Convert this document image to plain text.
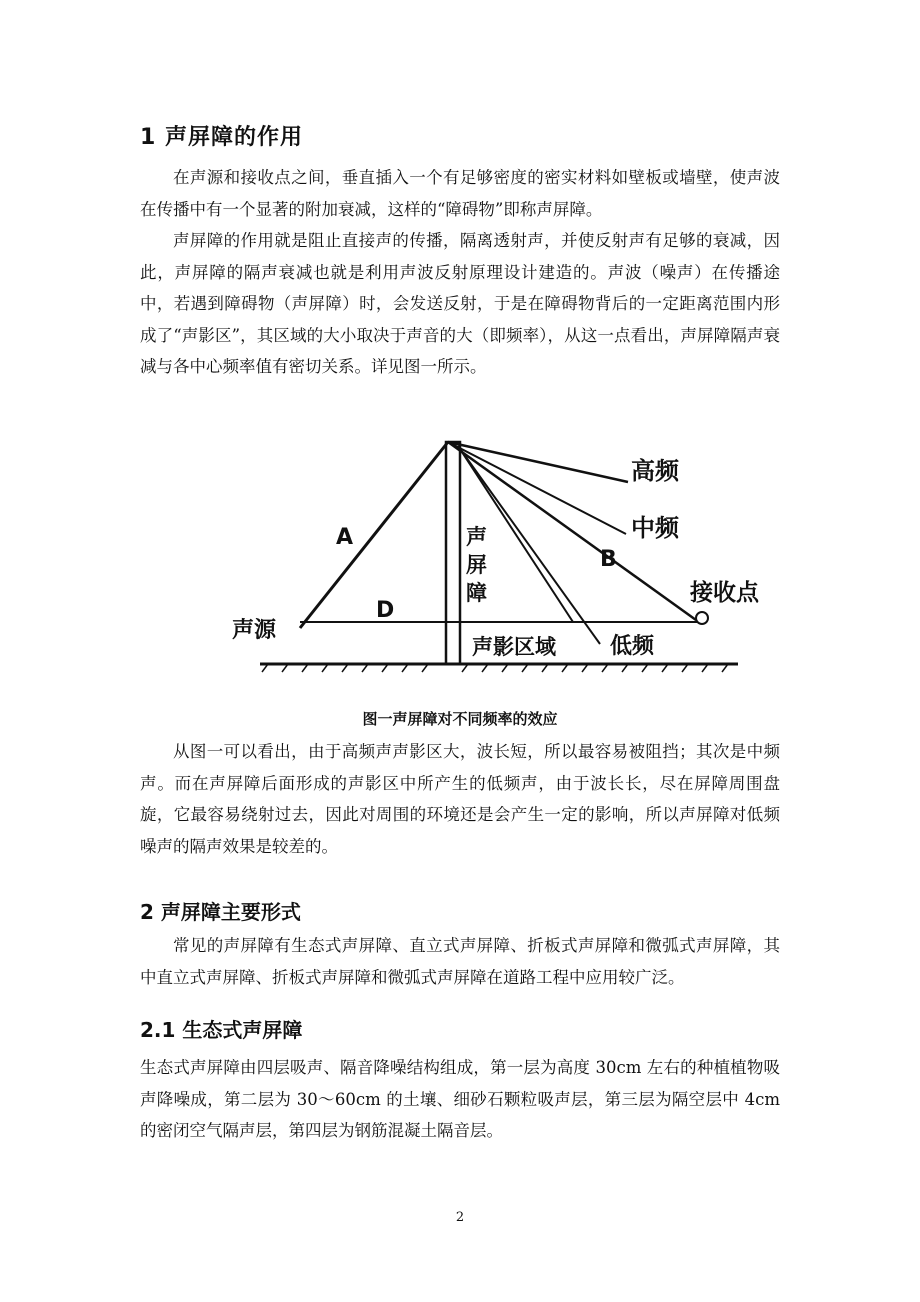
1 声屏障的作用

在声源和接收点之间，垂直插入一个有足够密度的密实材料如壁板或墙壁，使声波在传播中有一个显著的附加衰减，这样的“障碍物”即称声屏障。

声屏障的作用就是阻止直接声的传播，隔离透射声，并使反射声有足够的衰减，因此，声屏障的隔声衰减也就是利用声波反射原理设计建造的。声波（噪声）在传播途中，若遇到障碍物（声屏障）时，会发送反射，于是在障碍物背后的一定距离范围内形成了“声影区”，其区域的大小取决于声音的大（即频率），从这一点看出，声屏障隔声衰减与各中心频率值有密切关系。详见图一所示。

高频
中频
低频
接收点
声源
声
屏
障
声影区域
A
B
D
图一声屏障对不同频率的效应

从图一可以看出，由于高频声声影区大，波长短，所以最容易被阻挡；其次是中频声。而在声屏障后面形成的声影区中所产生的低频声，由于波长长，尽在屏障周围盘旋，它最容易绕射过去，因此对周围的环境还是会产生一定的影响，所以声屏障对低频噪声的隔声效果是较差的。

2 声屏障主要形式

常见的声屏障有生态式声屏障、直立式声屏障、折板式声屏障和微弧式声屏障，其中直立式声屏障、折板式声屏障和微弧式声屏障在道路工程中应用较广泛。

2.1 生态式声屏障

生态式声屏障由四层吸声、隔音降噪结构组成，第一层为高度 30cm 左右的种植植物吸声降噪成，第二层为 30～60cm 的土壤、细砂石颗粒吸声层，第三层为隔空层中 4cm 的密闭空气隔声层，第四层为钢筋混凝土隔音层。

2
